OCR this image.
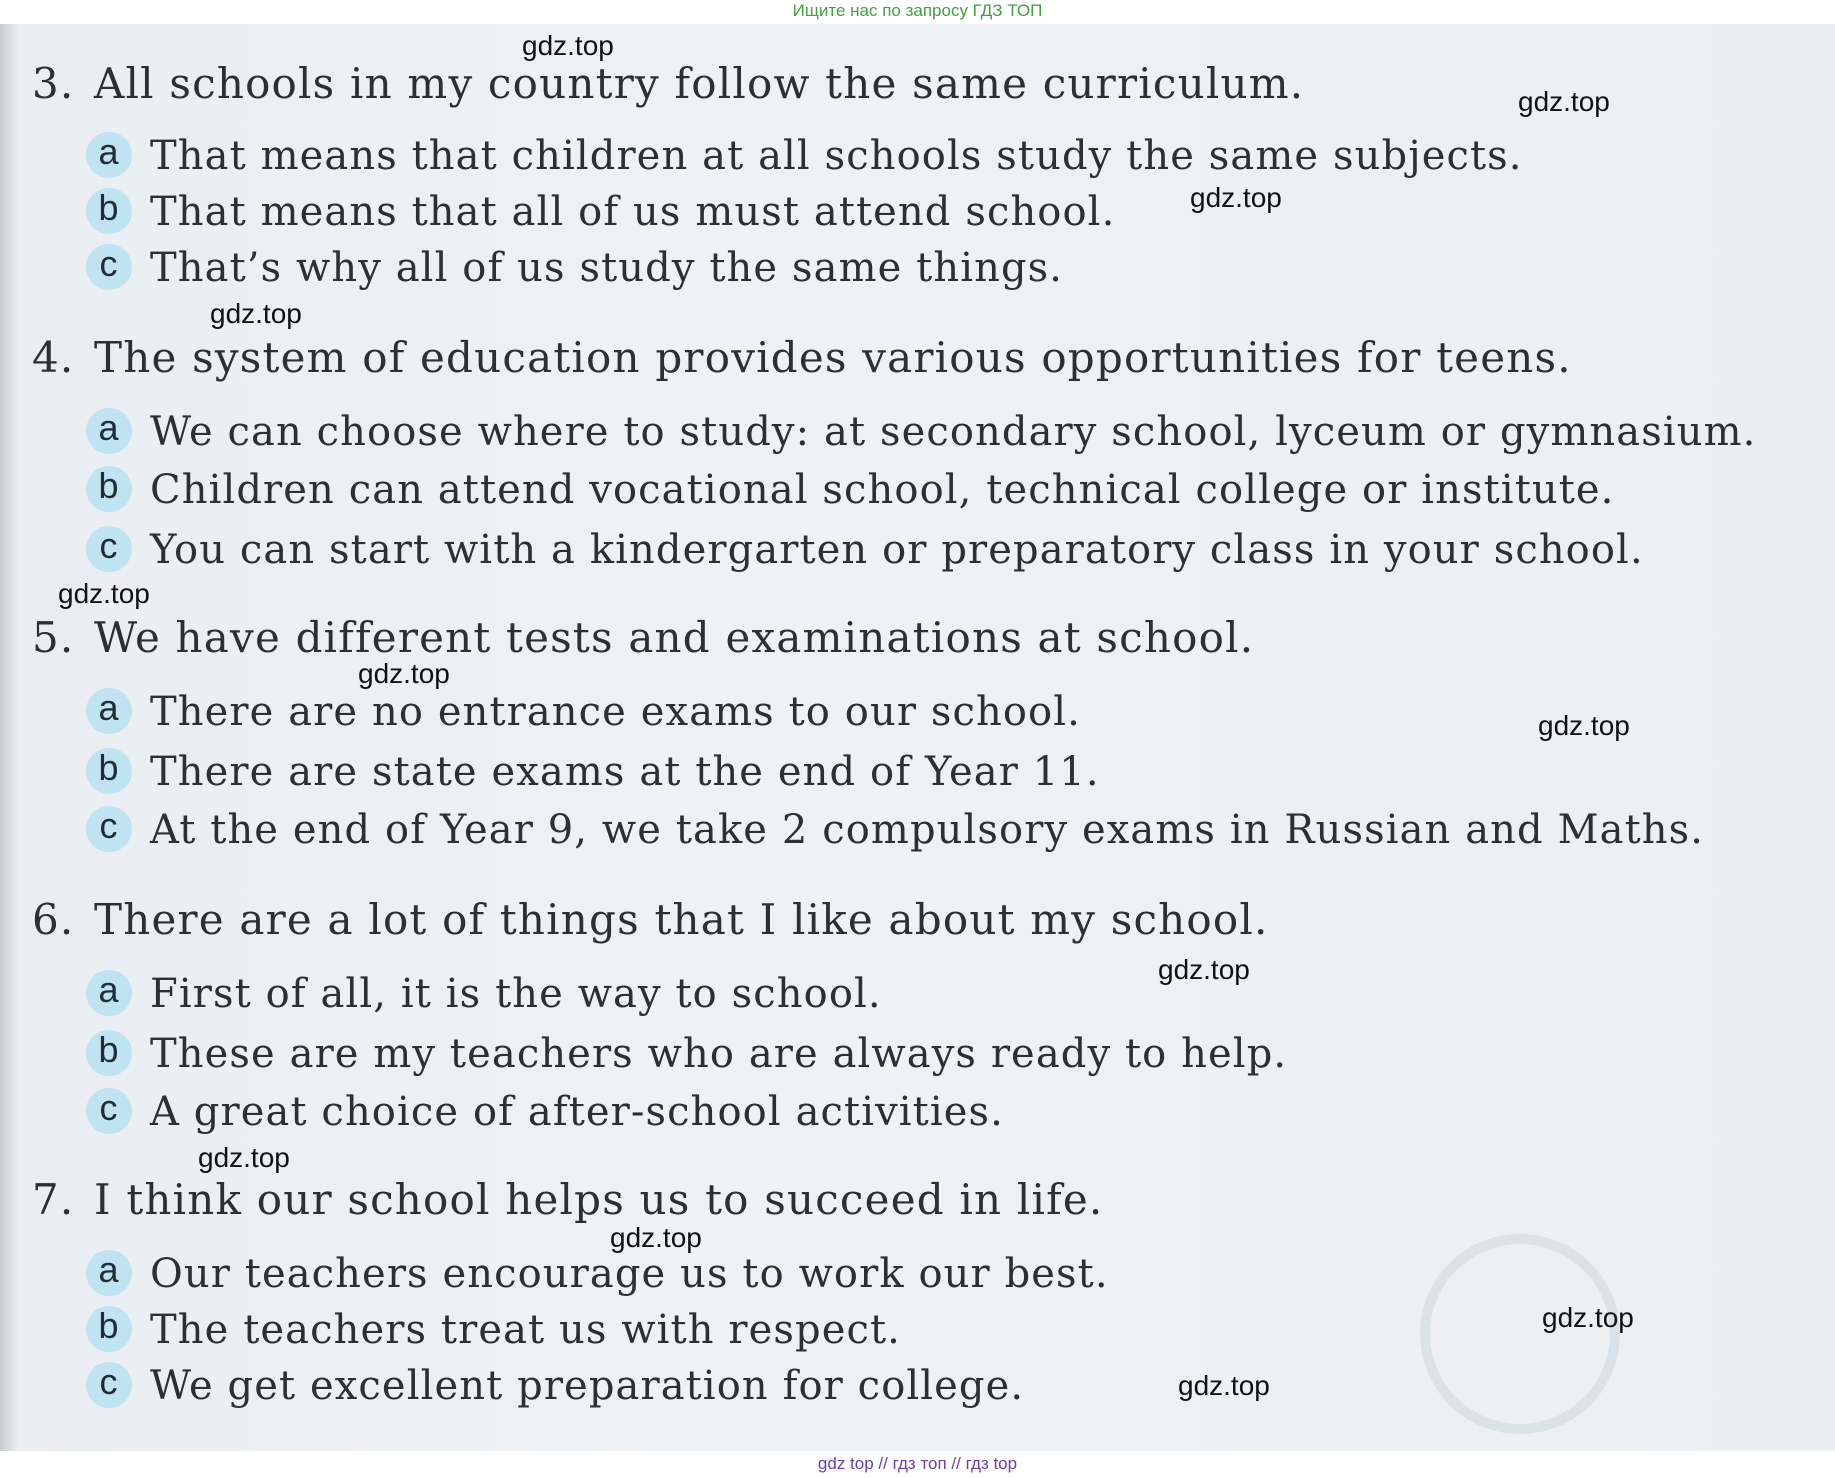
Ищите нас по запросу ГДЗ ТОП
3. All schools in my country follow the same curriculum.
a That means that children at all schools study the same subjects.
b That means that all of us must attend school.
c That’s why all of us study the same things.
4. The system of education provides various opportunities for teens.
a We can choose where to study: at secondary school, lyceum or gymnasium.
b Children can attend vocational school, technical college or institute.
c You can start with a kindergarten or preparatory class in your school.
5. We have different tests and examinations at school.
a There are no entrance exams to our school.
b There are state exams at the end of Year 11.
c At the end of Year 9, we take 2 compulsory exams in Russian and Maths.
6. There are a lot of things that I like about my school.
a First of all, it is the way to school.
b These are my teachers who are always ready to help.
c A great choice of after-school activities.
7. I think our school helps us to succeed in life.
a Our teachers encourage us to work our best.
b The teachers treat us with respect.
c We get excellent preparation for college.
gdz.top
gdz.top
gdz.top
gdz.top
gdz.top
gdz.top
gdz.top
gdz.top
gdz.top
gdz.top
gdz.top
gdz.top
gdz top // гдз топ // гдз top
